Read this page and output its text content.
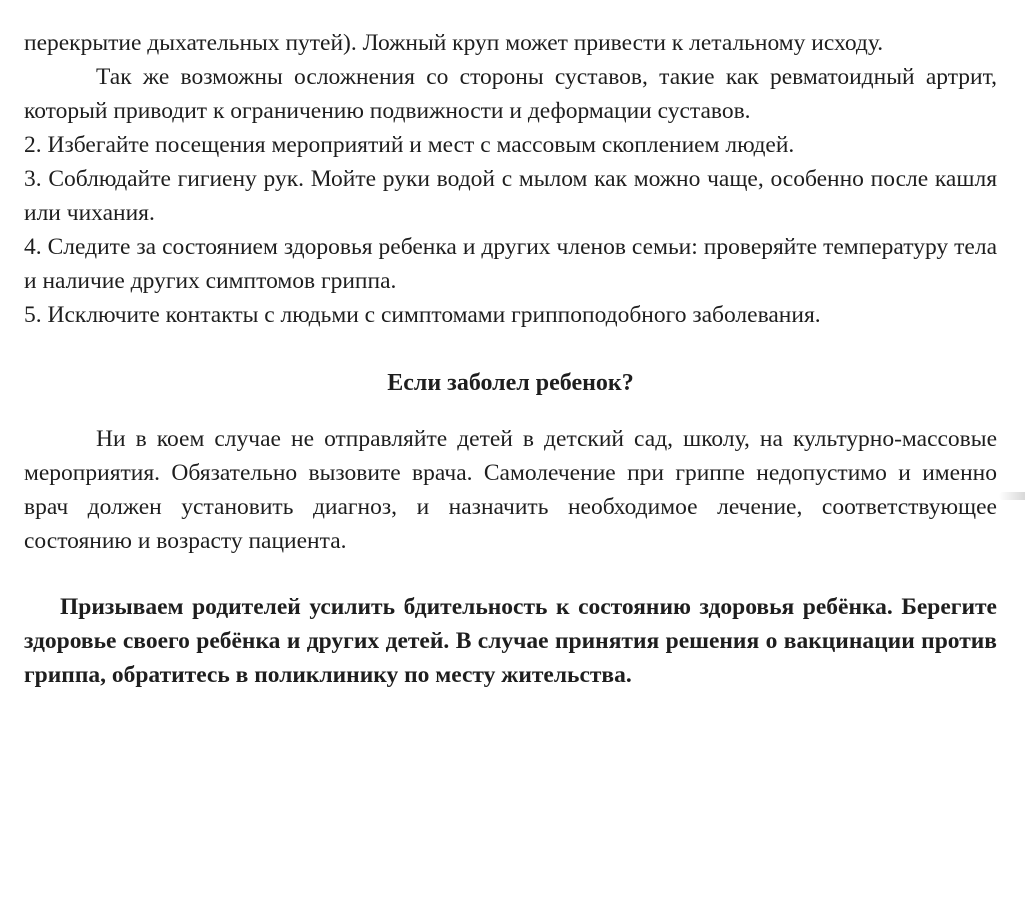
перекрытие дыхательных путей). Ложный круп может привести к летальному исходу.

Так же возможны осложнения со стороны суставов, такие как ревматоидный артрит, который приводит к ограничению подвижности и деформации суставов.

2. Избегайте посещения мероприятий и мест с массовым скоплением людей.

3. Соблюдайте гигиену рук. Мойте руки водой с мылом как можно чаще, особенно после кашля или чихания.

4. Следите за состоянием здоровья ребенка и других членов семьи: проверяйте температуру тела и наличие других симптомов гриппа.

5. Исключите контакты с людьми с симптомами гриппоподобного заболевания.

Если заболел ребенок?

Ни в коем случае не отправляйте детей в детский сад, школу, на культурно-массовые мероприятия. Обязательно вызовите врача. Самолечение при гриппе недопустимо и именно врач должен установить диагноз, и назначить необходимое лечение, соответствующее состоянию и возрасту пациента.

Призываем родителей усилить бдительность к состоянию здоровья ребёнка. Берегите здоровье своего ребёнка и других детей. В случае принятия решения о вакцинации против гриппа, обратитесь в поликлинику по месту жительства.
